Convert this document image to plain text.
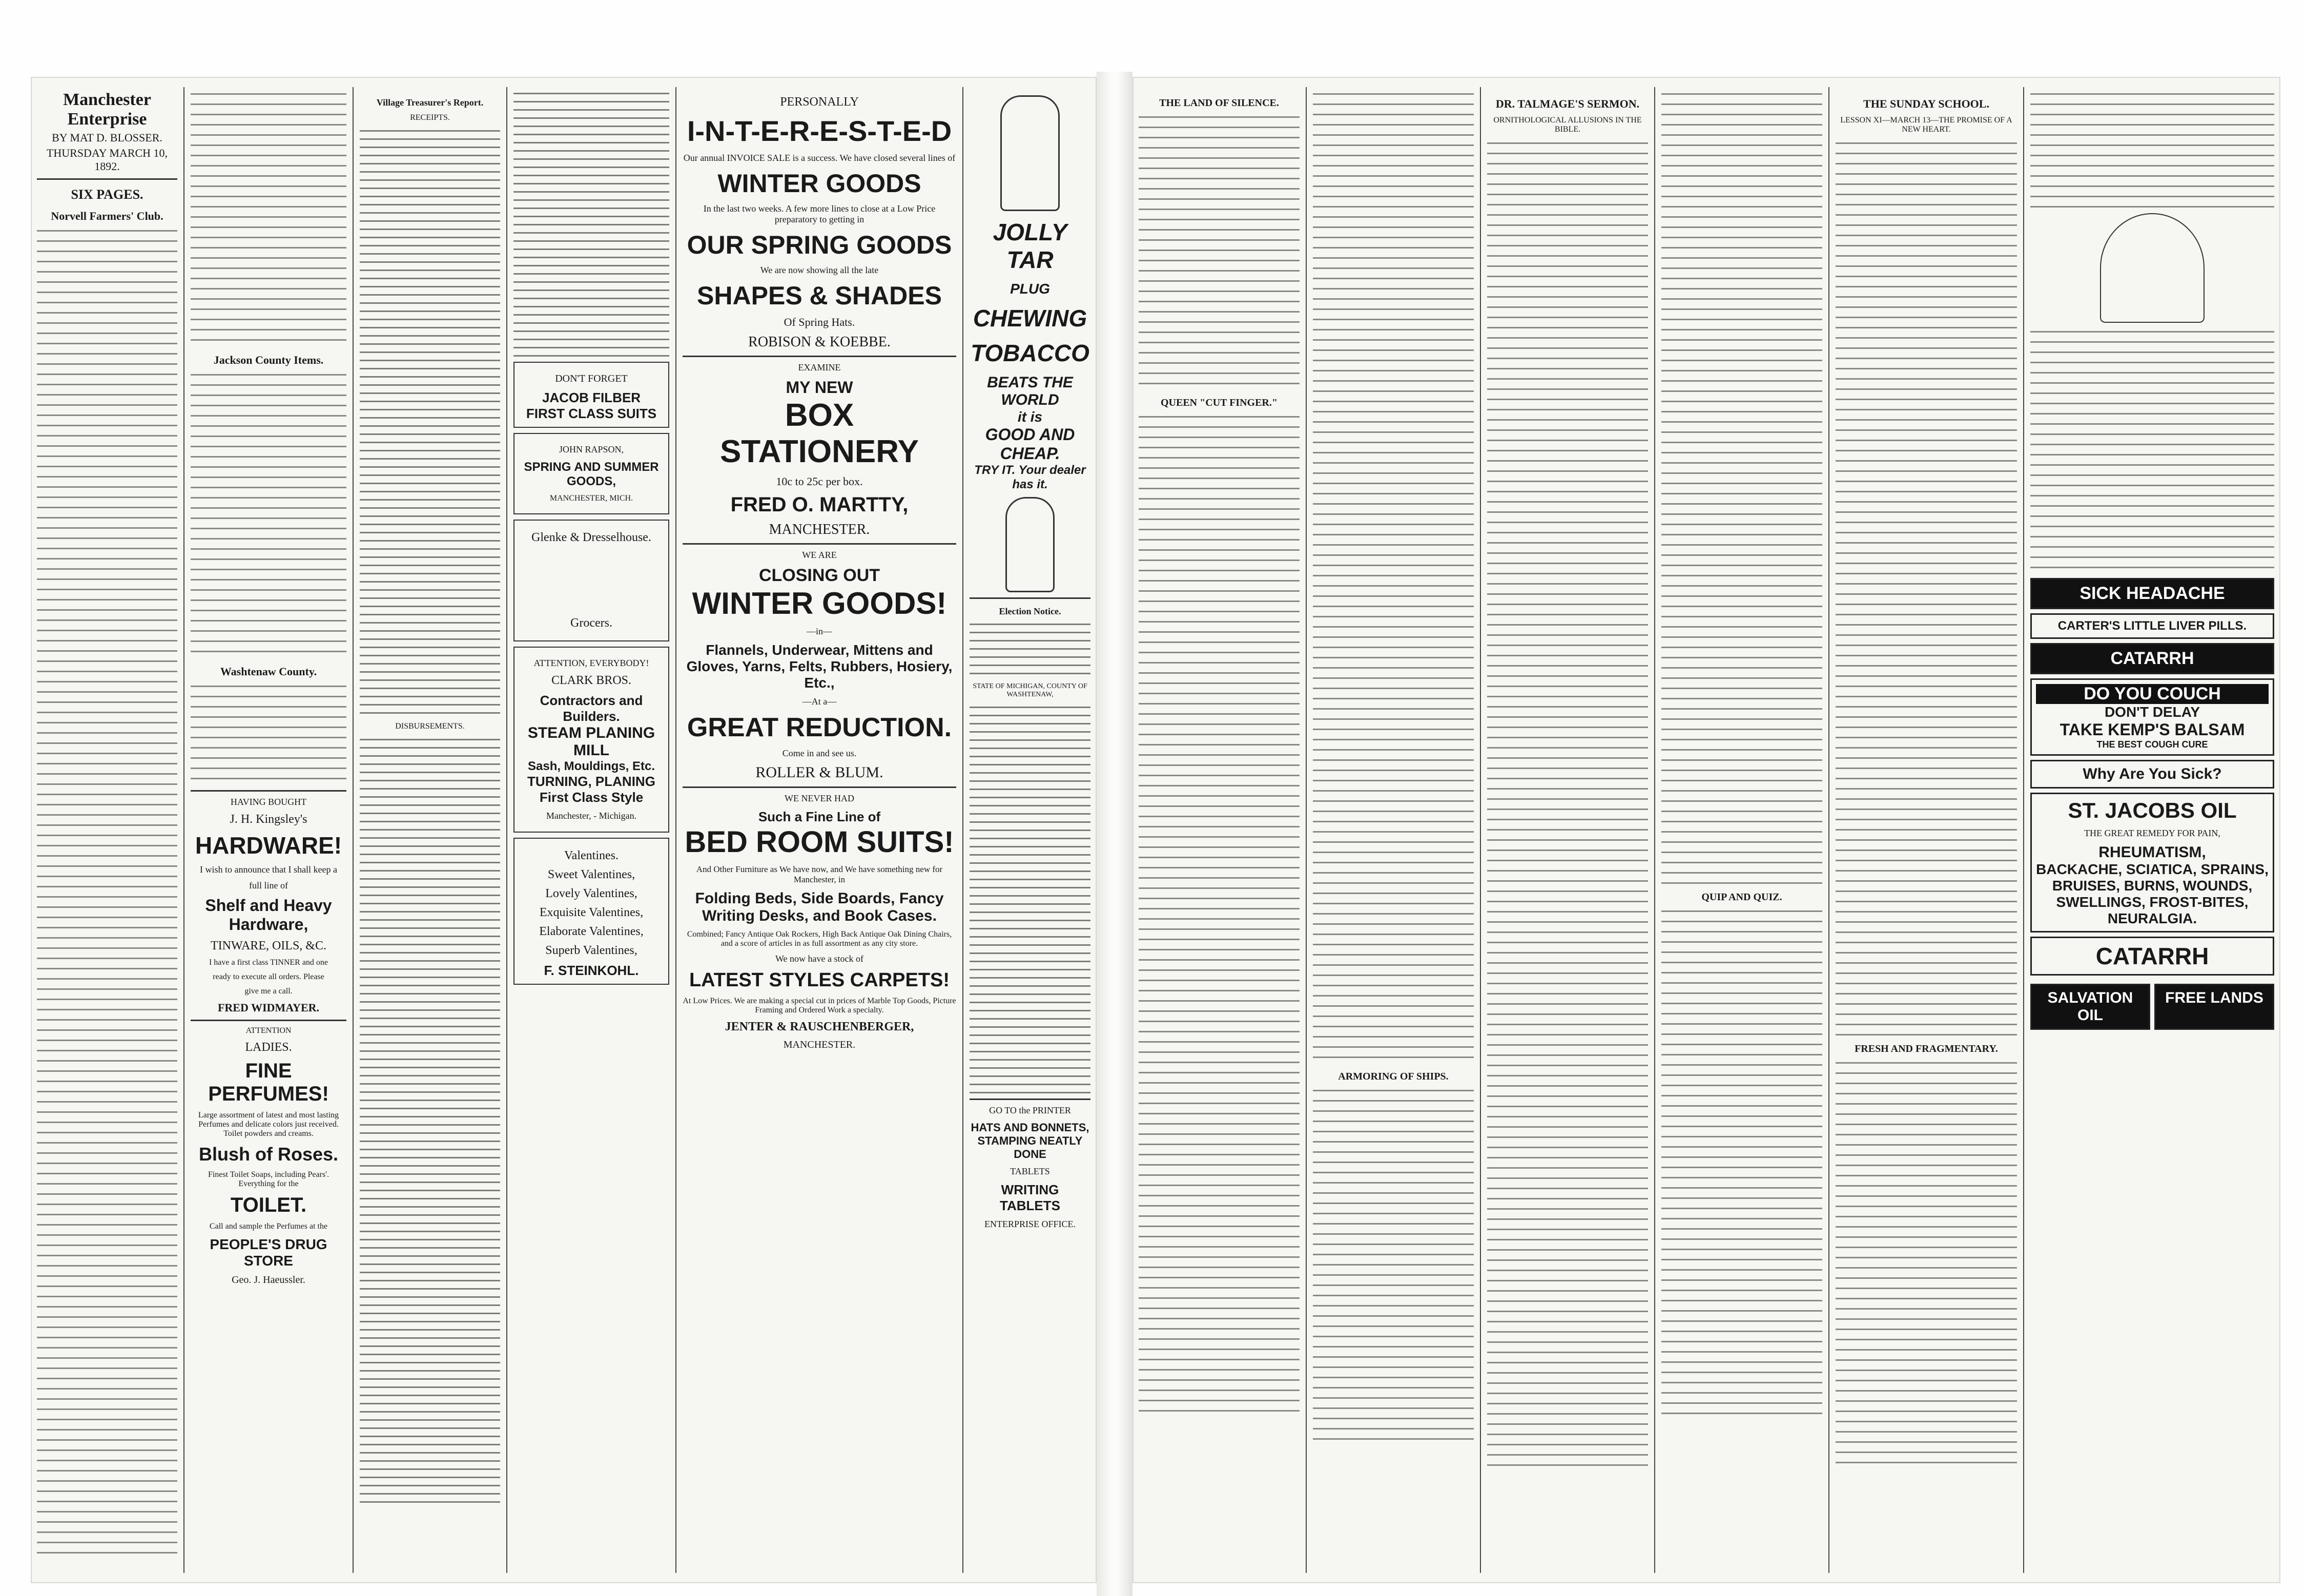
Manchester Enterprise
BY MAT D. BLOSSER.
THURSDAY MARCH 10, 1892.
SIX PAGES.
Norvell Farmers' Club.
Jackson County Items.
Washtenaw County.
HAVING BOUGHT
J. H. Kingsley's
HARDWARE!
I wish to announce that I shall keep a
full line of
Shelf and Heavy
Hardware,
TINWARE, OILS, &C.
I have a first class TINNER and one
ready to execute all orders. Please
give me a call.
FRED WIDMAYER.
ATTENTION
LADIES.
FINE PERFUMES!
Large assortment of latest and most lasting Perfumes and delicate colors just received. Toilet powders and creams.
Blush of Roses.
Finest Toilet Soaps, including Pears'. Everything for the
TOILET.
Call and sample the Perfumes at the
PEOPLE'S DRUG STORE
Geo. J. Haeussler.
Village Treasurer's Report.
RECEIPTS.
DISBURSEMENTS.
DON'T FORGET
JACOB FILBER
FIRST CLASS SUITS
JOHN RAPSON,
SPRING AND SUMMER
GOODS,
MANCHESTER, MICH.
Glenke & Dresselhouse.
Grocers.
ATTENTION, EVERYBODY!
CLARK BROS.
Contractors and Builders.
STEAM PLANING MILL
Sash, Mouldings, Etc.
TURNING, PLANING
First Class Style
Manchester, - Michigan.
Valentines.
Sweet Valentines,
Lovely Valentines,
Exquisite Valentines,
Elaborate Valentines,
Superb Valentines,
F. STEINKOHL.
PERSONALLY
I-N-T-E-R-E-S-T-E-D
Our annual INVOICE SALE is a success. We have closed several lines of
WINTER GOODS
In the last two weeks. A few more lines to close at a Low Price preparatory to getting in
OUR SPRING GOODS
We are now showing all the late
SHAPES & SHADES
Of Spring Hats.
ROBISON & KOEBBE.
EXAMINE
MY NEW
BOX STATIONERY
10c to 25c per box.
FRED O. MARTTY,
MANCHESTER.
WE ARE
CLOSING OUT
WINTER GOODS!
—in—
Flannels, Underwear, Mittens and Gloves, Yarns, Felts, Rubbers, Hosiery, Etc.,
—At a—
GREAT REDUCTION.
Come in and see us.
ROLLER & BLUM.
WE NEVER HAD
Such a Fine Line of
BED ROOM SUITS!
And Other Furniture as We have now, and We have something new for Manchester, in
Folding Beds, Side Boards, Fancy Writing Desks, and Book Cases.
Combined; Fancy Antique Oak Rockers, High Back Antique Oak Dining Chairs, and a score of articles in as full assortment as any city store.
We now have a stock of
LATEST STYLES CARPETS!
At Low Prices. We are making a special cut in prices of Marble Top Goods, Picture Framing and Ordered Work a specialty.
JENTER & RAUSCHENBERGER,
MANCHESTER.
JOLLY TAR
PLUG
CHEWING
TOBACCO
BEATS THE WORLD
it is
GOOD AND CHEAP.
TRY IT. Your dealer has it.
Election Notice.
STATE OF MICHIGAN, COUNTY OF WASHTENAW,
GO TO the PRINTER
HATS AND BONNETS,
STAMPING NEATLY DONE
TABLETS
WRITING TABLETS
ENTERPRISE OFFICE.
THE LAND OF SILENCE.
QUEEN "CUT FINGER."
ARMORING OF SHIPS.
DR. TALMAGE'S SERMON.
ORNITHOLOGICAL ALLUSIONS IN THE BIBLE.
QUIP AND QUIZ.
THE SUNDAY SCHOOL.
LESSON XI—MARCH 13—THE PROMISE OF A NEW HEART.
FRESH AND FRAGMENTARY.
SICK HEADACHE
CARTER'S LITTLE LIVER PILLS.
CATARRH
DO YOU COUCH
DON'T DELAY
TAKE KEMP'S BALSAM
THE BEST COUGH CURE
Why Are You Sick?
ST. JACOBS OIL
THE GREAT REMEDY FOR PAIN,
RHEUMATISM,
BACKACHE, SCIATICA, SPRAINS, BRUISES, BURNS, WOUNDS, SWELLINGS, FROST-BITES, NEURALGIA.
CATARRH
SALVATION OIL
FREE LANDS
